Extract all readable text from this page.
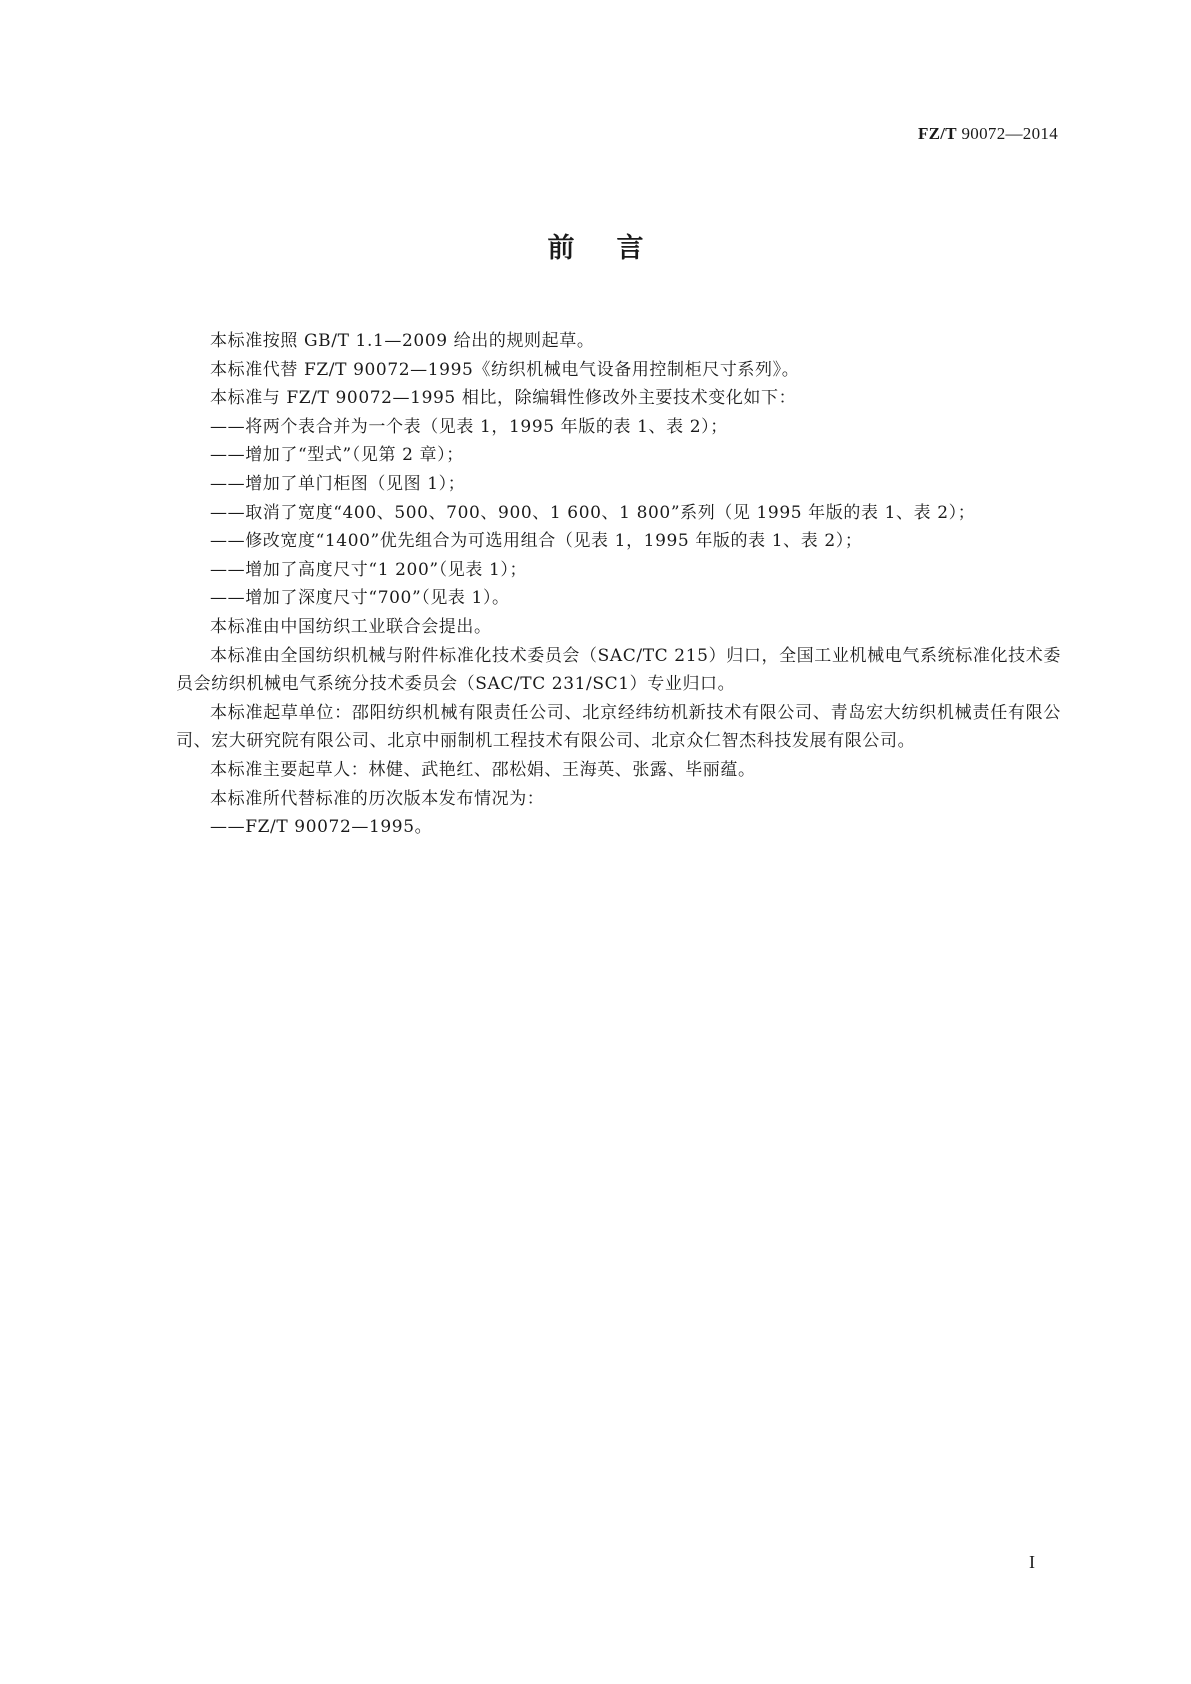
FZ/T 90072—2014
前言

本标准按照 GB/T 1.1—2009 给出的规则起草。

本标准代替 FZ/T 90072—1995《纺织机械电气设备用控制柜尺寸系列》。

本标准与 FZ/T 90072—1995 相比，除编辑性修改外主要技术变化如下：

——将两个表合并为一个表（见表 1，1995 年版的表 1、表 2）；

——增加了“型式”（见第 2 章）；

——增加了单门柜图（见图 1）；

——取消了宽度“400、500、700、900、1 600、1 800”系列（见 1995 年版的表 1、表 2）；

——修改宽度“1400”优先组合为可选用组合（见表 1，1995 年版的表 1、表 2）；

——增加了高度尺寸“1 200”（见表 1）；

——增加了深度尺寸“700”（见表 1）。

本标准由中国纺织工业联合会提出。

本标准由全国纺织机械与附件标准化技术委员会（SAC/TC 215）归口，全国工业机械电气系统标准化技术委员会纺织机械电气系统分技术委员会（SAC/TC 231/SC1）专业归口。

本标准起草单位：邵阳纺织机械有限责任公司、北京经纬纺机新技术有限公司、青岛宏大纺织机械责任有限公司、宏大研究院有限公司、北京中丽制机工程技术有限公司、北京众仁智杰科技发展有限公司。

本标准主要起草人：林健、武艳红、邵松娟、王海英、张露、毕丽蕴。

本标准所代替标准的历次版本发布情况为：

——FZ/T 90072—1995。

I
